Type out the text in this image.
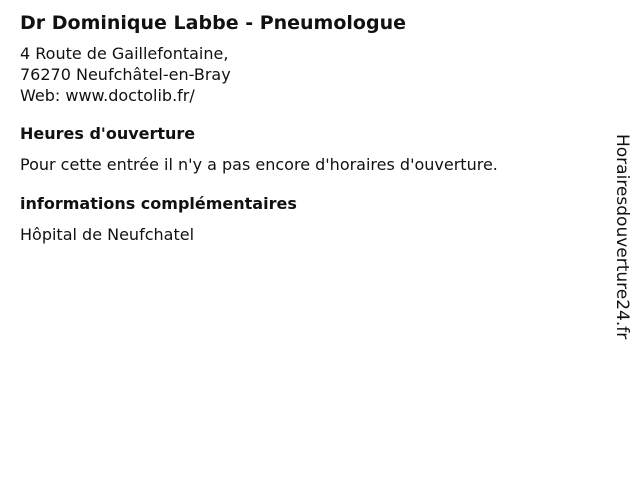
Dr Dominique Labbe - Pneumologue
4 Route de Gaillefontaine,
76270 Neufchâtel-en-Bray
Web: www.doctolib.fr/
Heures d'ouverture
Pour cette entrée il n'y a pas encore d'horaires d'ouverture.
informations complémentaires
Hôpital de Neufchatel	Horairesdouverture24.fr
